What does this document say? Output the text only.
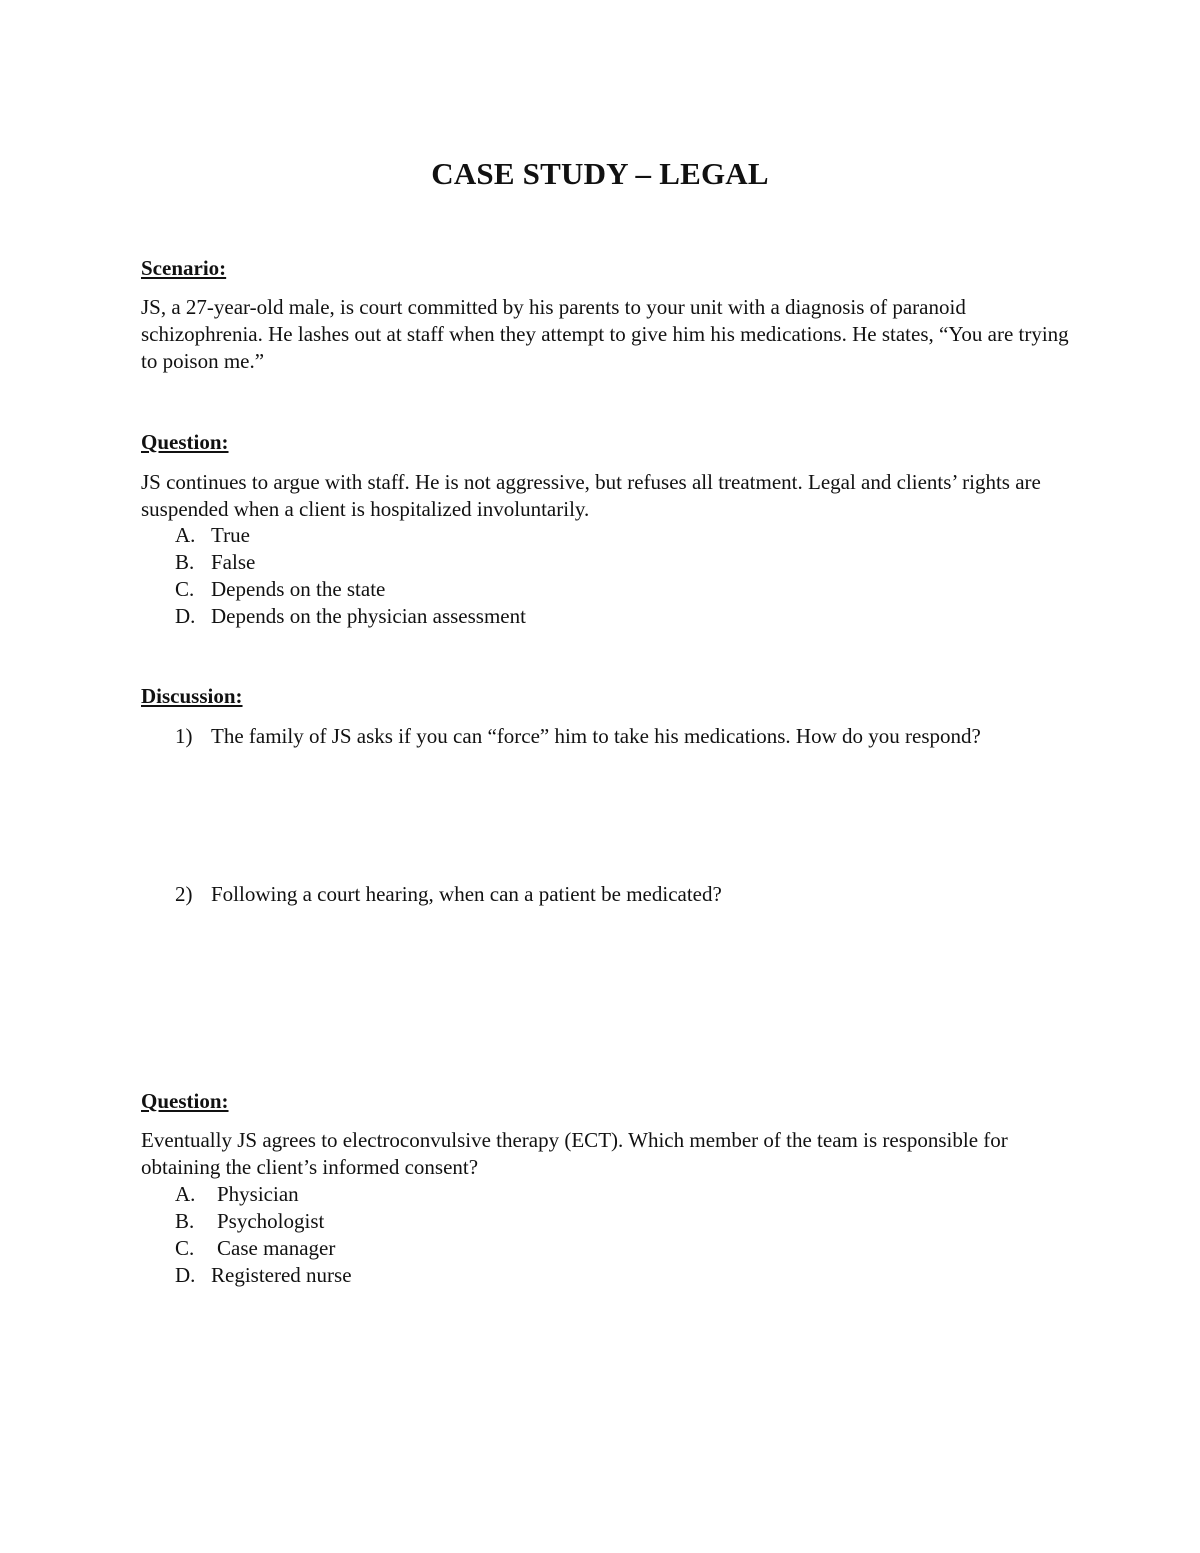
CASE STUDY – LEGAL
Scenario:
JS, a 27-year-old male, is court committed by his parents to your unit with a diagnosis of paranoid schizophrenia. He lashes out at staff when they attempt to give him his medications. He states, “You are trying to poison me.”
Question:
JS continues to argue with staff. He is not aggressive, but refuses all treatment. Legal and clients’ rights are suspended when a client is hospitalized involuntarily.
A. True
B. False
C. Depends on the state
D. Depends on the physician assessment
Discussion:
1) The family of JS asks if you can “force” him to take his medications. How do you respond?
2) Following a court hearing, when can a patient be medicated?
Question:
Eventually JS agrees to electroconvulsive therapy (ECT). Which member of the team is responsible for obtaining the client’s informed consent?
A. Physician
B. Psychologist
C. Case manager
D. Registered nurse
